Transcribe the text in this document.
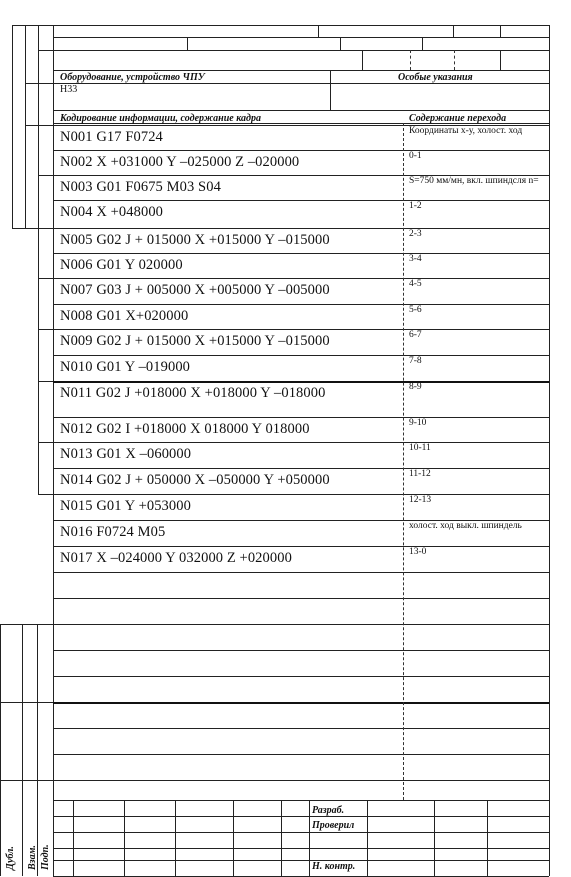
Оборудование, устройство ЧПУ	Особые указания
Н33
Кодирование информации, содержание кадра	Содержание перехода
N001 G17 F0724	Координаты х-у, холост. ход
N002 X +031000 Y –025000 Z –020000	0-1
N003 G01 F0675 M03 S04	S=750 мм/мн, вкл. шпиндсля n=
N004 X +048000	1-2
N005 G02 J + 015000 X +015000 Y –015000	2-3
N006 G01 Y 020000	3-4
N007 G03 J + 005000 X +005000 Y –005000	4-5
N008 G01 X+020000	5-6
N009 G02 J + 015000 X +015000 Y –015000	6-7
N010 G01 Y –019000	7-8
N011 G02 J +018000 X +018000 Y –018000	8-9
N012 G02 I +018000 X 018000 Y 018000	9-10
N013 G01 X –060000	10-11
N014 G02 J + 050000 X –050000 Y +050000	11-12
N015 G01 Y +053000	12-13
N016 F0724 M05	холост. ход выкл. шпиндель
N017 X –024000 Y 032000 Z +020000	13-0
Разраб.
Проверил
Н. контр.
Дубл. Взам. Подп.
